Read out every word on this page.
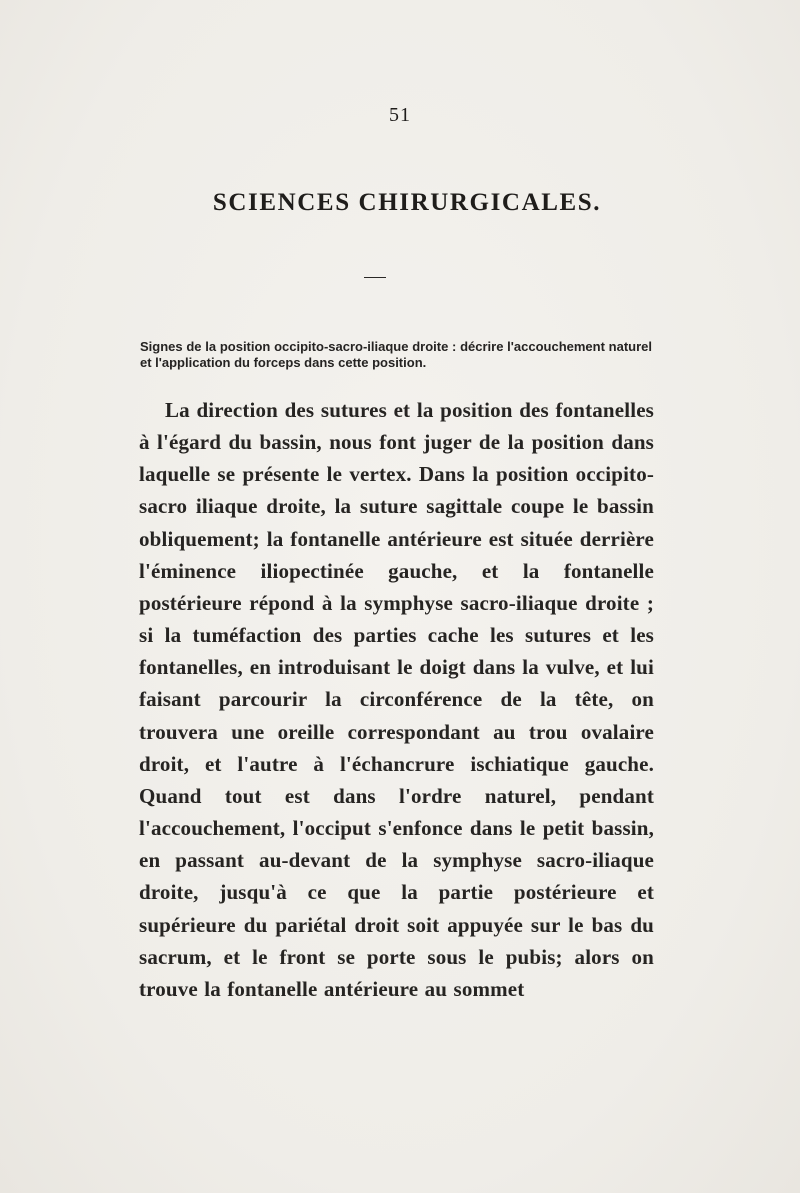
51
SCIENCES CHIRURGICALES.
Signes de la position occipito-sacro-iliaque droite : décrire l'accouchement naturel et l'application du forceps dans cette position.
La direction des sutures et la position des fontanelles à l'égard du bassin, nous font juger de la position dans laquelle se présente le vertex. Dans la position occipito-sacro iliaque droite, la suture sagittale coupe le bassin obliquement; la fontanelle antérieure est située derrière l'éminence iliopectinée gauche, et la fontanelle postérieure répond à la symphyse sacro-iliaque droite ; si la tuméfaction des parties cache les sutures et les fontanelles, en introduisant le doigt dans la vulve, et lui faisant parcourir la circonférence de la tête, on trouvera une oreille correspondant au trou ovalaire droit, et l'autre à l'échancrure ischiatique gauche. Quand tout est dans l'ordre naturel, pendant l'accouchement, l'occiput s'enfonce dans le petit bassin, en passant au-devant de la symphyse sacro-iliaque droite, jusqu'à ce que la partie postérieure et supérieure du pariétal droit soit appuyée sur le bas du sacrum, et le front se porte sous le pubis; alors on trouve la fontanelle antérieure au sommet
